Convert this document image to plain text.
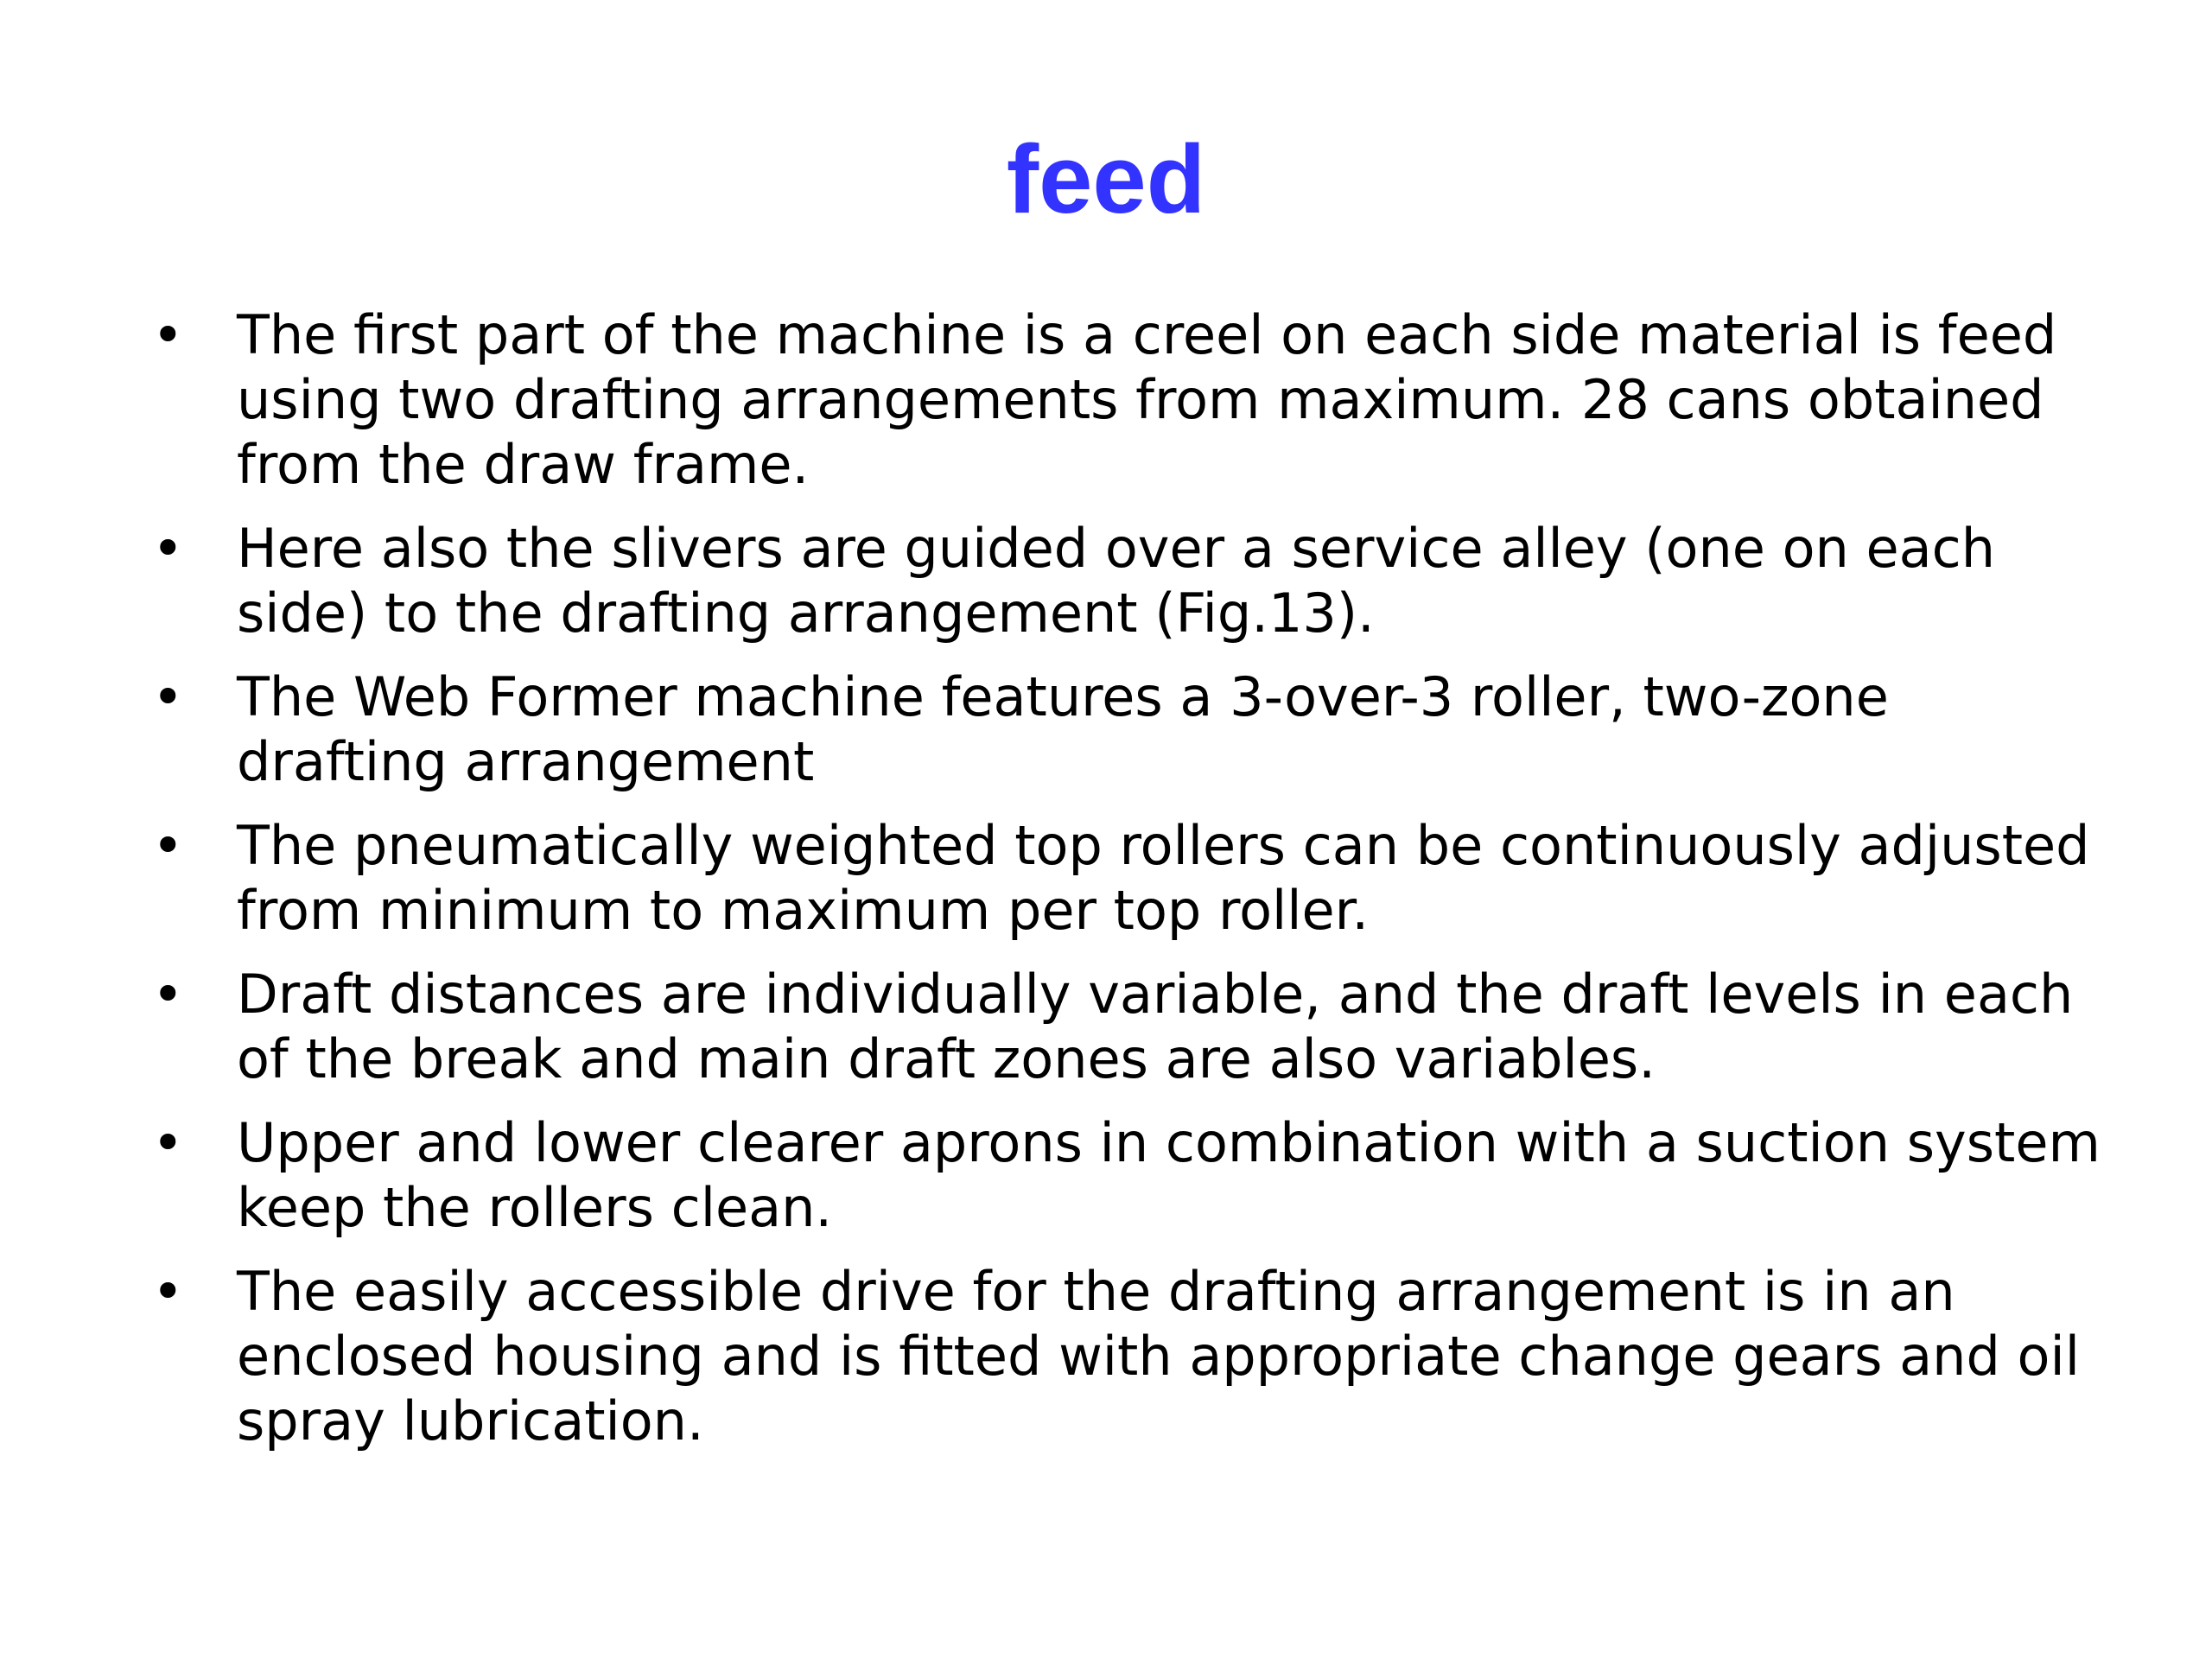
feed
• The first part of the machine is a creel on each side material is feed using two drafting arrangements from maximum. 28 cans obtained from the draw frame.
• Here also the slivers are guided over a service alley (one on each side) to the drafting arrangement (Fig.13).
• The Web Former machine features a 3-over-3 roller, two-zone drafting arrangement
• The pneumatically weighted top rollers can be continuously adjusted from minimum to maximum per top roller.
• Draft distances are individually variable, and the draft levels in each of the break and main draft zones are also variables.
• Upper and lower clearer aprons in combination with a suction system keep the rollers clean.
• The easily accessible drive for the drafting arrangement is in an enclosed housing and is fitted with appropriate change gears and oil spray lubrication.
